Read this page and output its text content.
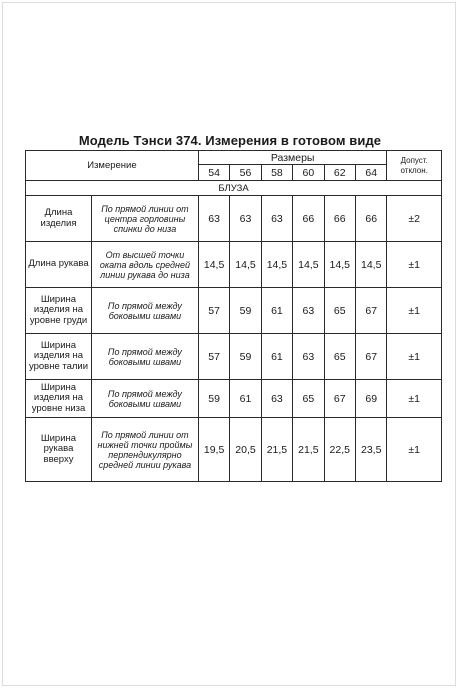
Модель Тэнси 374. Измерения в готовом виде
Измерение		Размеры						Допуст.
отклон.

		54	56	58	60	62	64	
БЛУЗА								
Длина изделия	По прямой линии от центра горловины спинки до низа	63	63	63	66	66	66	±2
Длина рукава	От высшей точки оката вдоль средней линии рукава до низа	14,5	14,5	14,5	14,5	14,5	14,5	±1
Ширина изделия на уровне груди	По прямой между боковыми швами	57	59	61	63	65	67	±1
Ширина изделия на уровне талии	По прямой между боковыми швами	57	59	61	63	65	67	±1
Ширина изделия на уровне низа	По прямой между боковыми швами	59	61	63	65	67	69	±1
Ширина рукава вверху	По прямой линии от нижней точки проймы перпендикулярно средней линии рукава	19,5	20,5	21,5	21,5	22,5	23,5	±1
